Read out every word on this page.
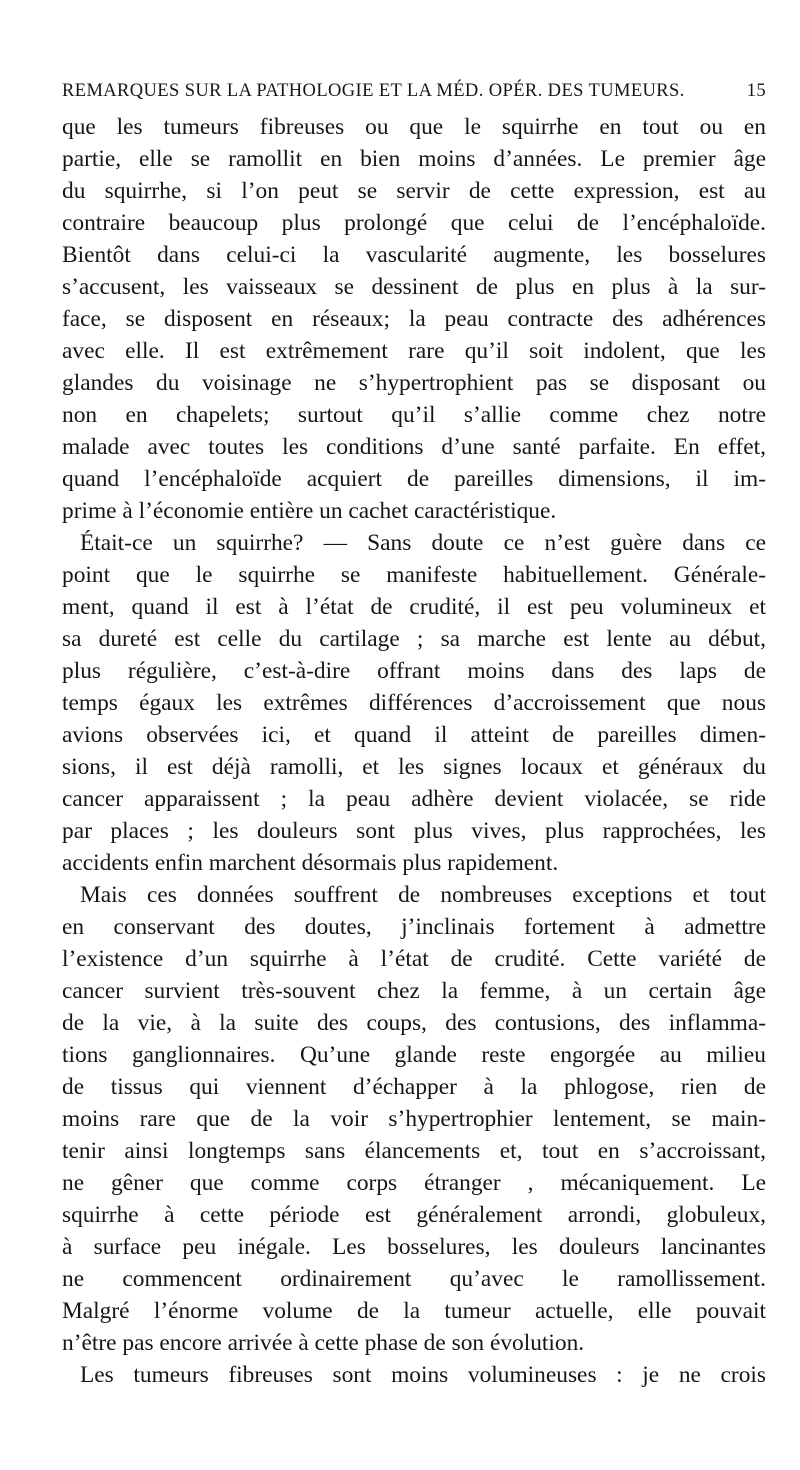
REMARQUES SUR LA PATHOLOGIE ET LA MÉD. OPÉR. DES TUMEURS.	15
que les tumeurs fibreuses ou que le squirrhe en tout ou en
partie, elle se ramollit en bien moins d’années. Le premier âge
du squirrhe, si l’on peut se servir de cette expression, est au
contraire beaucoup plus prolongé que celui de l’encéphaloïde.
Bientôt dans celui-ci la vascularité augmente, les bosselures
s’accusent, les vaisseaux se dessinent de plus en plus à la sur-
face, se disposent en réseaux; la peau contracte des adhérences
avec elle. Il est extrêmement rare qu’il soit indolent, que les
glandes du voisinage ne s’hypertrophient pas se disposant ou
non en chapelets; surtout qu’il s’allie comme chez notre
malade avec toutes les conditions d’une santé parfaite. En effet,
quand l’encéphaloïde acquiert de pareilles dimensions, il im-
prime à l’économie entière un cachet caractéristique.
Était-ce un squirrhe? — Sans doute ce n’est guère dans ce
point que le squirrhe se manifeste habituellement. Générale-
ment, quand il est à l’état de crudité, il est peu volumineux et
sa dureté est celle du cartilage ; sa marche est lente au début,
plus régulière, c’est-à-dire offrant moins dans des laps de
temps égaux les extrêmes différences d’accroissement que nous
avions observées ici, et quand il atteint de pareilles dimen-
sions, il est déjà ramolli, et les signes locaux et généraux du
cancer apparaissent ; la peau adhère devient violacée, se ride
par places ; les douleurs sont plus vives, plus rapprochées, les
accidents enfin marchent désormais plus rapidement.
Mais ces données souffrent de nombreuses exceptions et tout
en conservant des doutes, j’inclinais fortement à admettre
l’existence d’un squirrhe à l’état de crudité. Cette variété de
cancer survient très-souvent chez la femme, à un certain âge
de la vie, à la suite des coups, des contusions, des inflamma-
tions ganglionnaires. Qu’une glande reste engorgée au milieu
de tissus qui viennent d’échapper à la phlogose, rien de
moins rare que de la voir s’hypertrophier lentement, se main-
tenir ainsi longtemps sans élancements et, tout en s’accroissant,
ne gêner que comme corps étranger , mécaniquement. Le
squirrhe à cette période est généralement arrondi, globuleux,
à surface peu inégale. Les bosselures, les douleurs lancinantes
ne commencent ordinairement qu’avec le ramollissement.
Malgré l’énorme volume de la tumeur actuelle, elle pouvait
n’être pas encore arrivée à cette phase de son évolution.
Les tumeurs fibreuses sont moins volumineuses : je ne crois
